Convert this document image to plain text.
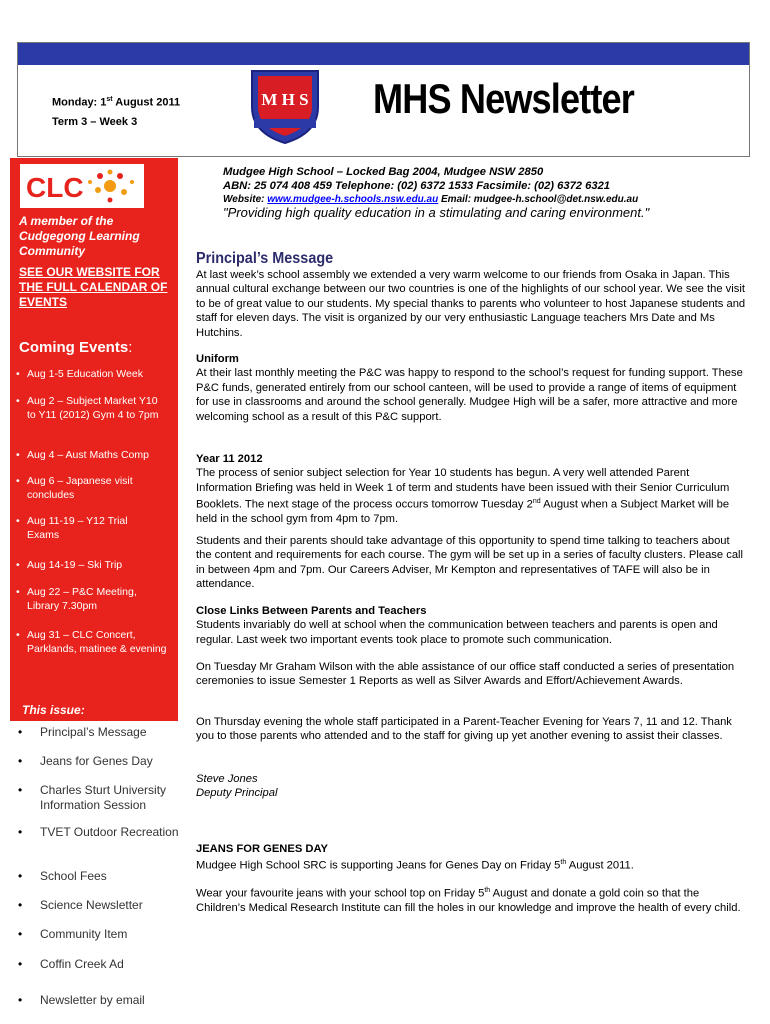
Monday: 1st August 2011
Term 3 – Week 3
M H S MHS Newsletter
Mudgee High School – Locked Bag 2004, Mudgee NSW 2850
ABN: 25 074 408 459 Telephone: (02) 6372 1533 Facsimile: (02) 6372 6321
Website: www.mudgee-h.schools.nsw.edu.au Email: mudgee-h.school@det.nsw.edu.au
"Providing high quality education in a stimulating and caring environment."
CLC
A member of the Cudgegong Learning Community
SEE OUR WEBSITE FOR THE FULL CALENDAR OF EVENTS
Coming Events:
• Aug 1-5 Education Week
• Aug 2 – Subject Market Y10 to Y11 (2012) Gym 4 to 7pm
• Aug 4 – Aust Maths Comp
• Aug 6 – Japanese visit concludes
• Aug 11-19 – Y12 Trial Exams
• Aug 14-19 – Ski Trip
• Aug 22 – P&C Meeting, Library 7.30pm
• Aug 31 – CLC Concert, Parklands, matinee & evening
This issue:
• Principal’s Message
• Jeans for Genes Day
• Charles Sturt University Information Session
• TVET Outdoor Recreation
• School Fees
• Science Newsletter
• Community Item
• Coffin Creek Ad
• Newsletter by email
Principal’s Message

At last week’s school assembly we extended a very warm welcome to our friends from Osaka in Japan. This annual cultural exchange between our two countries is one of the highlights of our school year. We see the visit to be of great value to our students. My special thanks to parents who volunteer to host Japanese students and staff for eleven days. The visit is organized by our very enthusiastic Language teachers Mrs Date and Ms Hutchins.

Uniform

At their last monthly meeting the P&C was happy to respond to the school’s request for funding support. These P&C funds, generated entirely from our school canteen, will be used to provide a range of items of equipment for use in classrooms and around the school generally. Mudgee High will be a safer, more attractive and more welcoming school as a result of this P&C support.

Year 11 2012

The process of senior subject selection for Year 10 students has begun. A very well attended Parent Information Briefing was held in Week 1 of term and students have been issued with their Senior Curriculum Booklets. The next stage of the process occurs tomorrow Tuesday 2nd August when a Subject Market will be held in the school gym from 4pm to 7pm.

Students and their parents should take advantage of this opportunity to spend time talking to teachers about the content and requirements for each course. The gym will be set up in a series of faculty clusters. Please call in between 4pm and 7pm. Our Careers Adviser, Mr Kempton and representatives of TAFE will also be in attendance.

Close Links Between Parents and Teachers

Students invariably do well at school when the communication between teachers and parents is open and regular. Last week two important events took place to promote such communication.

On Tuesday Mr Graham Wilson with the able assistance of our office staff conducted a series of presentation ceremonies to issue Semester 1 Reports as well as Silver Awards and Effort/Achievement Awards.

On Thursday evening the whole staff participated in a Parent-Teacher Evening for Years 7, 11 and 12. Thank you to those parents who attended and to the staff for giving up yet another evening to assist their classes.

Steve Jones

Deputy Principal

JEANS FOR GENES DAY

Mudgee High School SRC is supporting Jeans for Genes Day on Friday 5th August 2011.

Wear your favourite jeans with your school top on Friday 5th August and donate a gold coin so that the Children’s Medical Research Institute can fill the holes in our knowledge and improve the health of every child.
